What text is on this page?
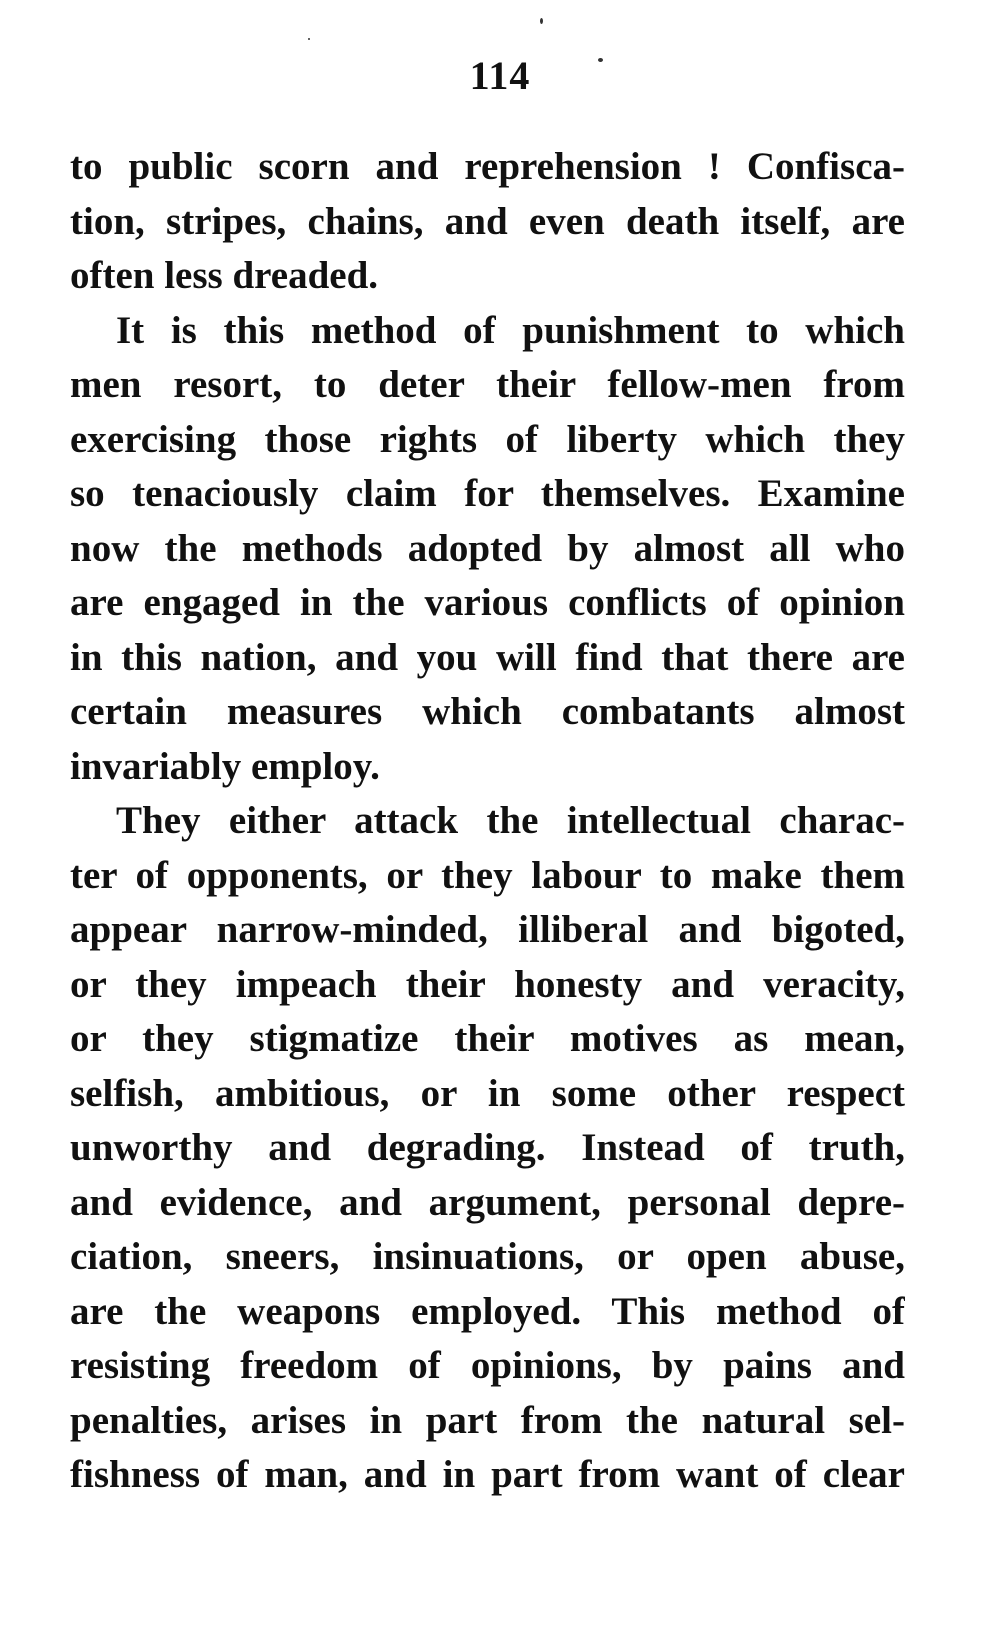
114
to public scorn and reprehension ! Confisca-
tion, stripes, chains, and even death itself, are
often less dreaded.
It is this method of punishment to which
men resort, to deter their fellow-men from
exercising those rights of liberty which they
so tenaciously claim for themselves. Examine
now the methods adopted by almost all who
are engaged in the various conflicts of opinion
in this nation, and you will find that there are
certain measures which combatants almost
invariably employ.
They either attack the intellectual charac-
ter of opponents, or they labour to make them
appear narrow-minded, illiberal and bigoted,
or they impeach their honesty and veracity,
or they stigmatize their motives as mean,
selfish, ambitious, or in some other respect
unworthy and degrading. Instead of truth,
and evidence, and argument, personal depre-
ciation, sneers, insinuations, or open abuse,
are the weapons employed. This method of
resisting freedom of opinions, by pains and
penalties, arises in part from the natural sel-
fishness of man, and in part from want of clear
